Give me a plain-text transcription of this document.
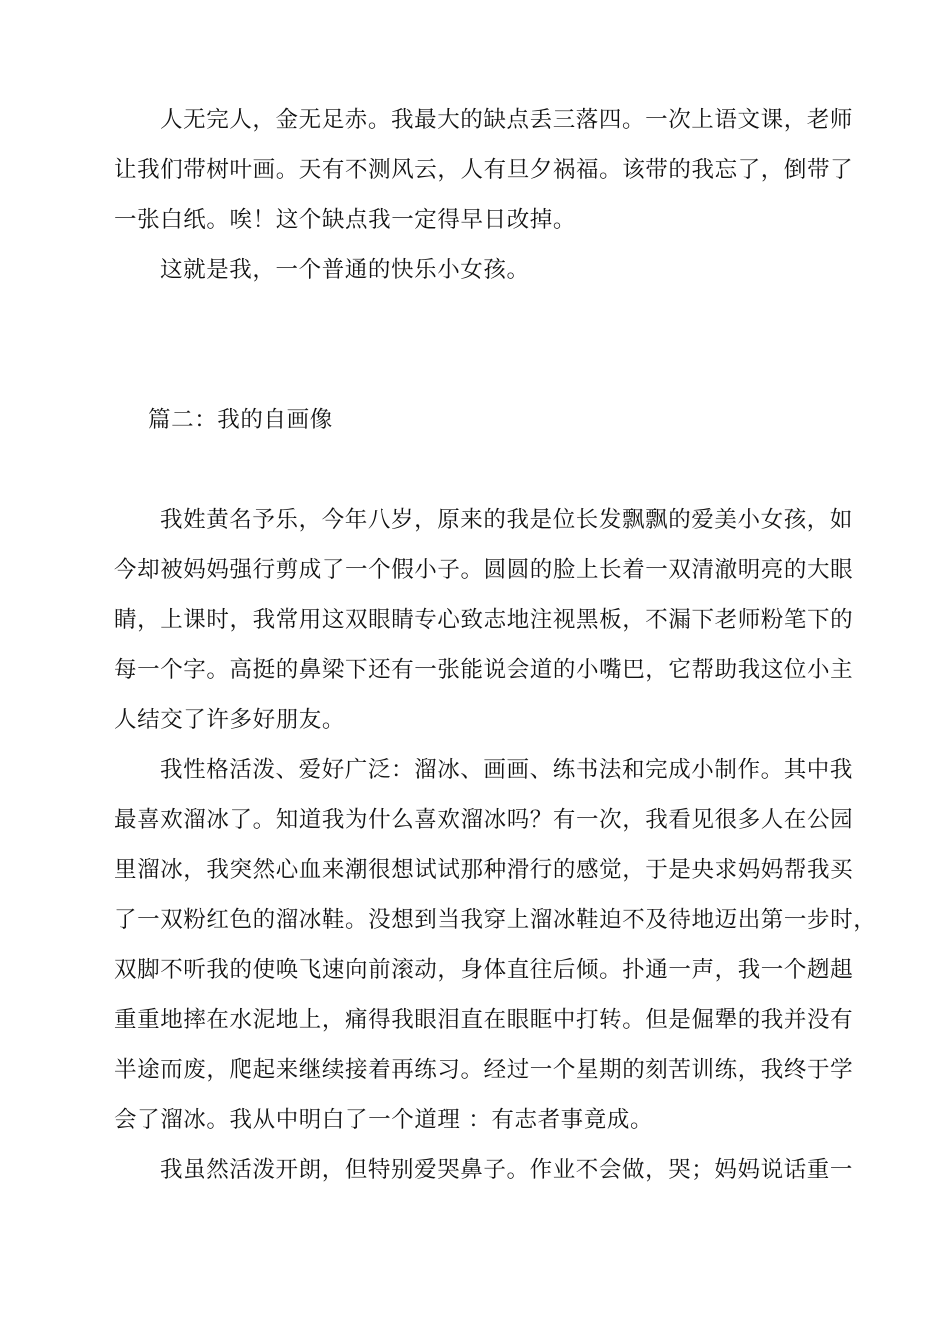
人无完人，金无足赤。我最大的缺点丢三落四。一次上语文课，老师
让我们带树叶画。天有不测风云，人有旦夕祸福。该带的我忘了，倒带了
一张白纸。唉！这个缺点我一定得早日改掉。
这就是我，一个普通的快乐小女孩。
篇二：我的自画像
我姓黄名予乐，今年八岁，原来的我是位长发飘飘的爱美小女孩，如
今却被妈妈强行剪成了一个假小子。圆圆的脸上长着一双清澈明亮的大眼
睛，上课时，我常用这双眼睛专心致志地注视黑板，不漏下老师粉笔下的
每一个字。高挺的鼻梁下还有一张能说会道的小嘴巴，它帮助我这位小主
人结交了许多好朋友。
我性格活泼、爱好广泛：溜冰、画画、练书法和完成小制作。其中我
最喜欢溜冰了。知道我为什么喜欢溜冰吗？有一次，我看见很多人在公园
里溜冰，我突然心血来潮很想试试那种滑行的感觉，于是央求妈妈帮我买
了一双粉红色的溜冰鞋。没想到当我穿上溜冰鞋迫不及待地迈出第一步时，
双脚不听我的使唤飞速向前滚动，身体直往后倾。扑通一声，我一个趔趄
重重地摔在水泥地上，痛得我眼泪直在眼眶中打转。但是倔犟的我并没有
半途而废，爬起来继续接着再练习。经过一个星期的刻苦训练，我终于学
会了溜冰。我从中明白了一个道理 ：有志者事竟成。
我虽然活泼开朗，但特别爱哭鼻子。作业不会做，哭；妈妈说话重一
